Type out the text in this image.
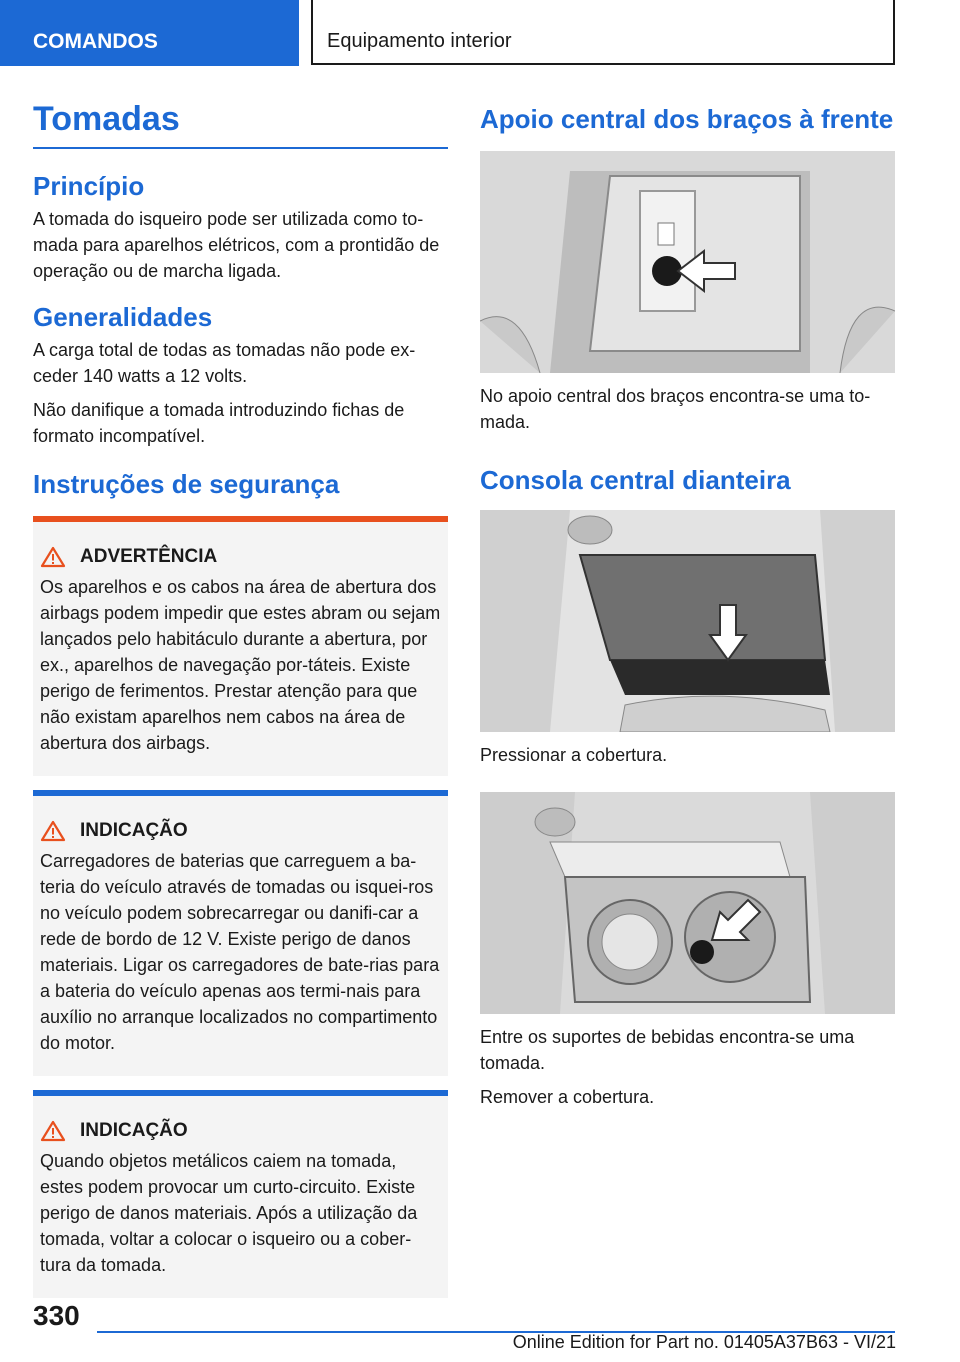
COMANDOS	Equipamento interior
Tomadas
Princípio

A tomada do isqueiro pode ser utilizada como to-mada para aparelhos elétricos, com a prontidão de operação ou de marcha ligada.

Generalidades

A carga total de todas as tomadas não pode ex-ceder 140 watts a 12 volts.

Não danifique a tomada introduzindo fichas de formato incompatível.

Instruções de segurança
ADVERTÊNCIA

Os aparelhos e os cabos na área de abertura dos airbags podem impedir que estes abram ou sejam lançados pelo habitáculo durante a abertura, por ex., aparelhos de navegação por-táteis. Existe perigo de ferimentos. Prestar atenção para que não existam aparelhos nem cabos na área de abertura dos airbags.

INDICAÇÃO

Carregadores de baterias que carreguem a ba-teria do veículo através de tomadas ou isquei-ros no veículo podem sobrecarregar ou danifi-car a rede de bordo de 12 V. Existe perigo de danos materiais. Ligar os carregadores de bate-rias para a bateria do veículo apenas aos termi-nais para auxílio no arranque localizados no compartimento do motor.

INDICAÇÃO

Quando objetos metálicos caiem na tomada, estes podem provocar um curto-circuito. Existe perigo de danos materiais. Após a utilização da tomada, voltar a colocar o isqueiro ou a cober-tura da tomada.

Apoio central dos braços à frente

No apoio central dos braços encontra-se uma to-mada.

Consola central dianteira

Pressionar a cobertura.

Entre os suportes de bebidas encontra-se uma tomada.

Remover a cobertura.

330
Online Edition for Part no. 01405A37B63 - VI/21
